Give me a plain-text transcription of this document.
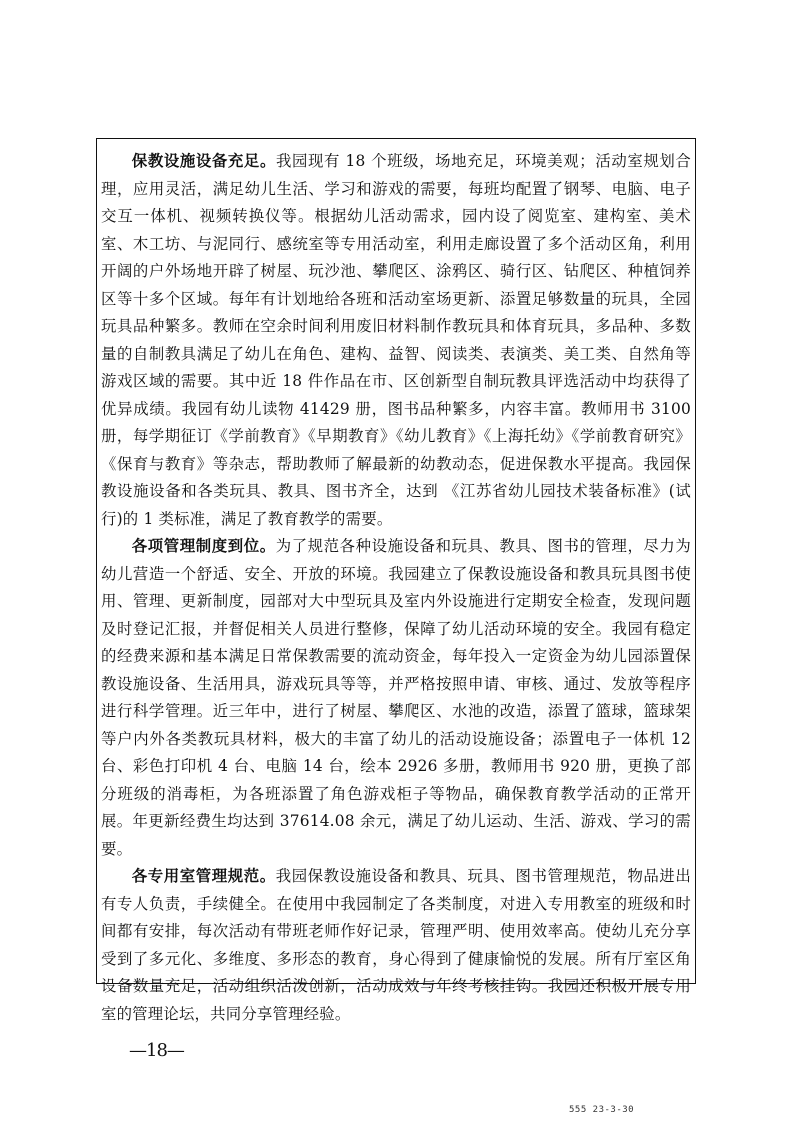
保教设施设备充足。我园现有 18 个班级，场地充足，环境美观；活动室规划合理，应用灵活，满足幼儿生活、学习和游戏的需要，每班均配置了钢琴、电脑、电子交互一体机、视频转换仪等。根据幼儿活动需求，园内设了阅览室、建构室、美术室、木工坊、与泥同行、感统室等专用活动室，利用走廊设置了多个活动区角，利用开阔的户外场地开辟了树屋、玩沙池、攀爬区、涂鸦区、骑行区、钻爬区、种植饲养区等十多个区域。每年有计划地给各班和活动室场更新、添置足够数量的玩具，全园玩具品种繁多。教师在空余时间利用废旧材料制作教玩具和体育玩具，多品种、多数量的自制教具满足了幼儿在角色、建构、益智、阅读类、表演类、美工类、自然角等游戏区域的需要。其中近 18 件作品在市、区创新型自制玩教具评选活动中均获得了优异成绩。我园有幼儿读物 41429 册，图书品种繁多，内容丰富。教师用书 3100 册，每学期征订《学前教育》《早期教育》《幼儿教育》《上海托幼》《学前教育研究》《保育与教育》等杂志，帮助教师了解最新的幼教动态，促进保教水平提高。我园保教设施设备和各类玩具、教具、图书齐全，达到 《江苏省幼儿园技术装备标准》(试行)的 1 类标准，满足了教育教学的需要。

各项管理制度到位。为了规范各种设施设备和玩具、教具、图书的管理，尽力为幼儿营造一个舒适、安全、开放的环境。我园建立了保教设施设备和教具玩具图书使用、管理、更新制度，园部对大中型玩具及室内外设施进行定期安全检查，发现问题及时登记汇报，并督促相关人员进行整修，保障了幼儿活动环境的安全。我园有稳定的经费来源和基本满足日常保教需要的流动资金，每年投入一定资金为幼儿园添置保教设施设备、生活用具，游戏玩具等等，并严格按照申请、审核、通过、发放等程序进行科学管理。近三年中，进行了树屋、攀爬区、水池的改造，添置了篮球，篮球架等户内外各类教玩具材料，极大的丰富了幼儿的活动设施设备；添置电子一体机 12台、彩色打印机 4 台、电脑 14 台，绘本 2926 多册，教师用书 920 册，更换了部分班级的消毒柜，为各班添置了角色游戏柜子等物品，确保教育教学活动的正常开展。年更新经费生均达到 37614.08 余元，满足了幼儿运动、生活、游戏、学习的需要。

各专用室管理规范。我园保教设施设备和教具、玩具、图书管理规范，物品进出有专人负责，手续健全。在使用中我园制定了各类制度，对进入专用教室的班级和时间都有安排，每次活动有带班老师作好记录，管理严明、使用效率高。使幼儿充分享受到了多元化、多维度、多形态的教育，身心得到了健康愉悦的发展。所有厅室区角设备数量充足，活动组织活泼创新，活动成效与年终考核挂钩。我园还积极开展专用室的管理论坛，共同分享管理经验。

—18—
555 23-3-30
